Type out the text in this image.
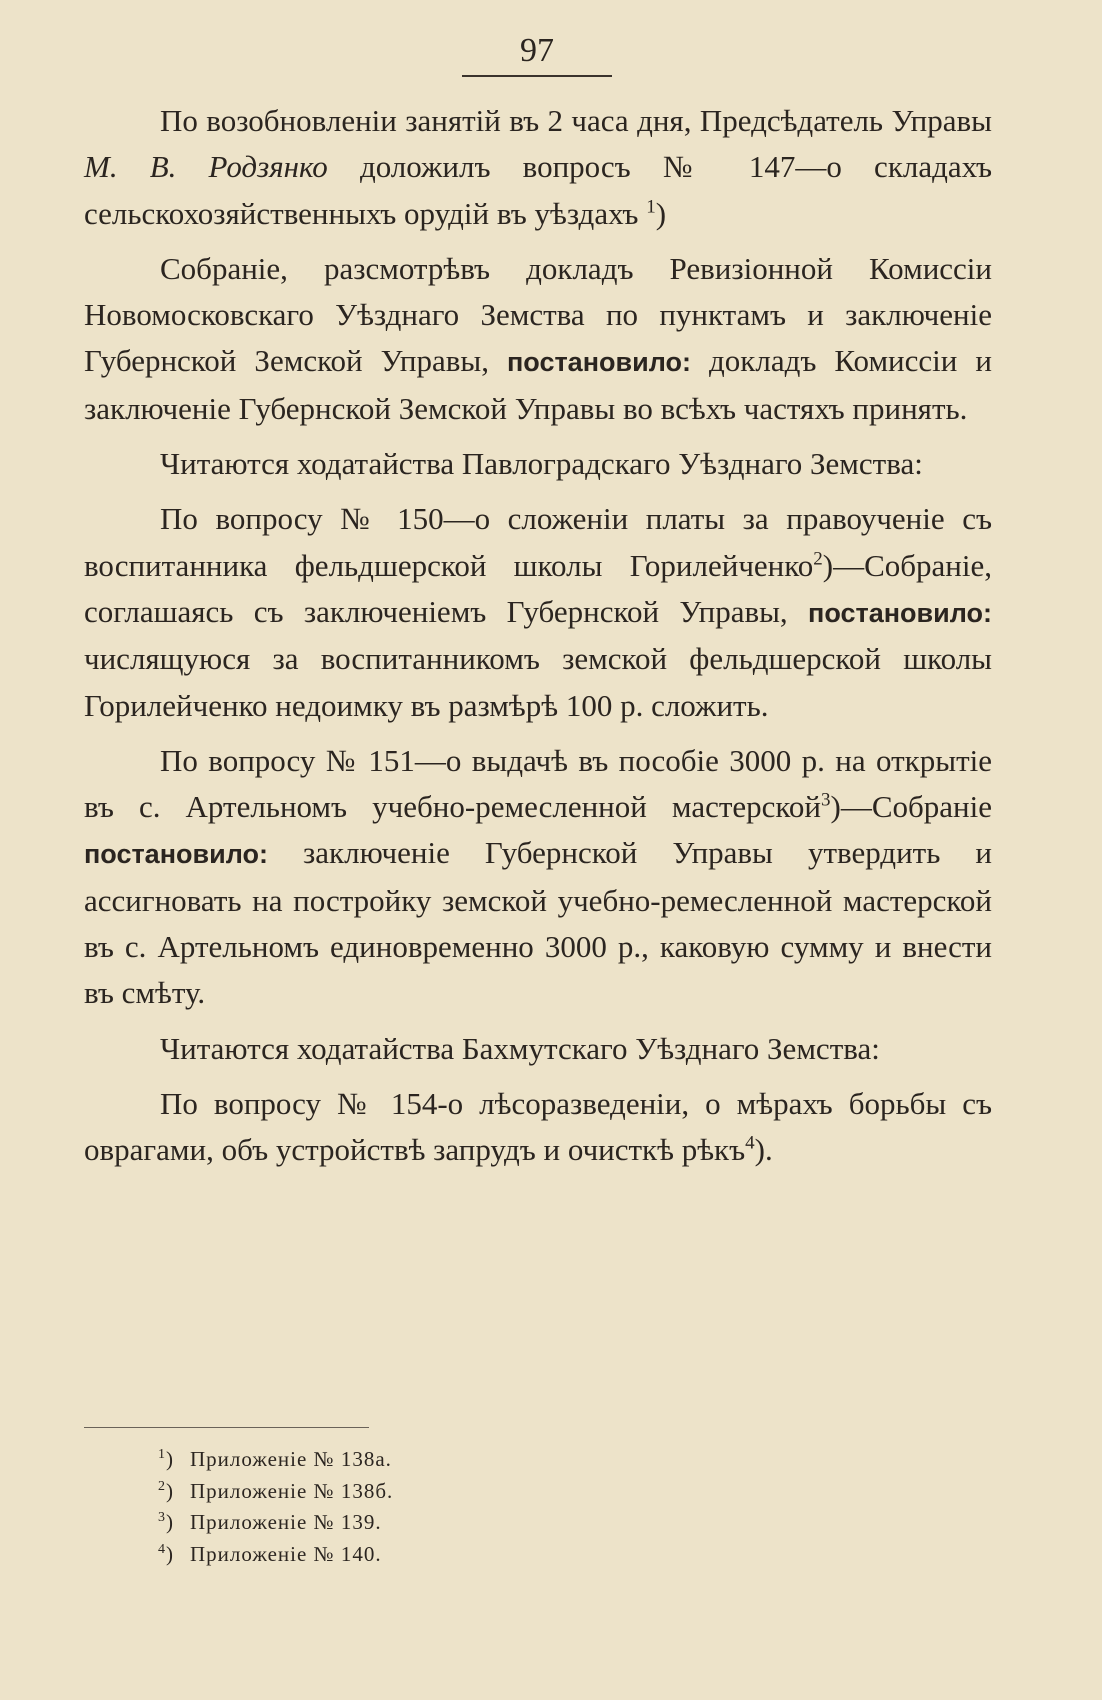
97

По возобновленіи занятій въ 2 часа дня, Предсѣдатель Управы М. В. Родзянко доложилъ вопросъ № 147—о складахъ сельскохозяйственныхъ орудій въ уѣздахъ $^1$)

Собраніе, разсмотрѣвъ докладъ Ревизіонной Комиссіи Новомосковскаго Уѣзднаго Земства по пунктамъ и заключеніе Губернской Земской Управы, постановило: докладъ Комиссіи и заключеніе Губернской Земской Управы во всѣхъ частяхъ принять.

Читаются ходатайства Павлоградскаго Уѣзднаго Земства:

По вопросу № 150—о сложеніи платы за правоученіе съ воспитанника фельдшерской школы Горилейченко$^2$)—Собраніе, соглашаясь съ заключеніемъ Губернской Управы, постановило: числящуюся за воспитанникомъ земской фельдшерской школы Горилейченко недоимку въ размѣрѣ 100 р. сложить.

По вопросу № 151—о выдачѣ въ пособіе 3000 р. на открытіе въ с. Артельномъ учебно-ремесленной мастерской$^3$)—Собраніе постановило: заключеніе Губернской Управы утвердить и ассигновать на постройку земской учебно-ремесленной мастерской въ с. Артельномъ единовременно 3000 р., каковую сумму и внести въ смѣту.

Читаются ходатайства Бахмутскаго Уѣзднаго Земства:

По вопросу № 154-о лѣсоразведеніи, о мѣрахъ борьбы съ оврагами, объ устройствѣ запрудъ и очисткѣ рѣкъ$^4$).

$^1$) Приложеніе № 138а.
$^2$) Приложеніе № 138б.
$^3$) Приложеніе № 139.
$^4$) Приложеніе № 140.
